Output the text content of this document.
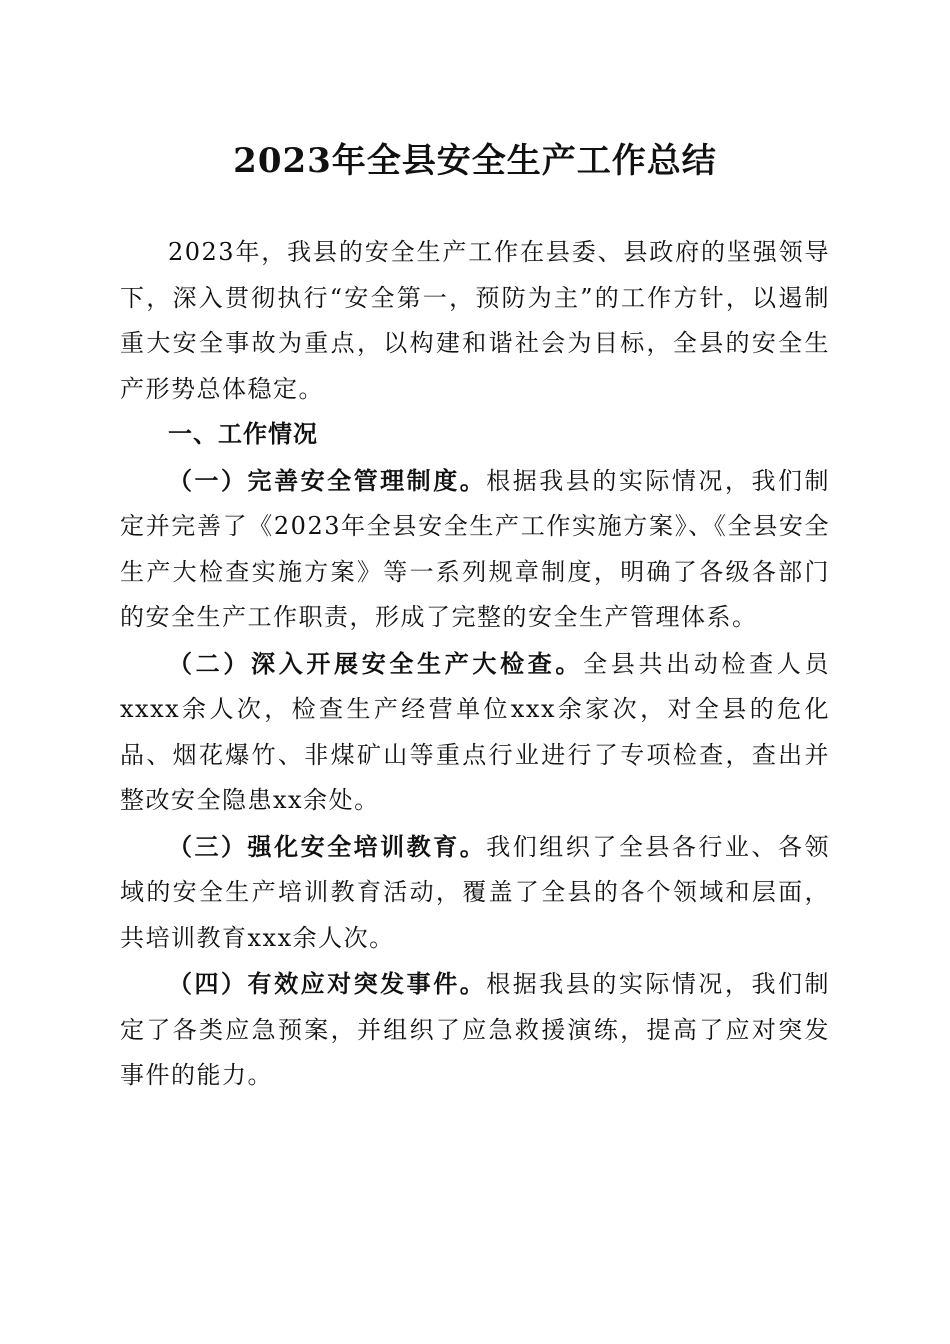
2023年全县安全生产工作总结

2023年，我县的安全生产工作在县委、县政府的坚强领导下，深入贯彻执行“安全第一，预防为主”的工作方针，以遏制重大安全事故为重点，以构建和谐社会为目标，全县的安全生产形势总体稳定。

一、工作情况

（一）完善安全管理制度。根据我县的实际情况，我们制定并完善了《2023年全县安全生产工作实施方案》、《全县安全生产大检查实施方案》等一系列规章制度，明确了各级各部门的安全生产工作职责，形成了完整的安全生产管理体系。

（二）深入开展安全生产大检查。全县共出动检查人员xxxx余人次，检查生产经营单位xxx余家次，对全县的危化品、烟花爆竹、非煤矿山等重点行业进行了专项检查，查出并整改安全隐患xx余处。

（三）强化安全培训教育。我们组织了全县各行业、各领域的安全生产培训教育活动，覆盖了全县的各个领域和层面，共培训教育xxx余人次。

（四）有效应对突发事件。根据我县的实际情况，我们制定了各类应急预案，并组织了应急救援演练，提高了应对突发事件的能力。
